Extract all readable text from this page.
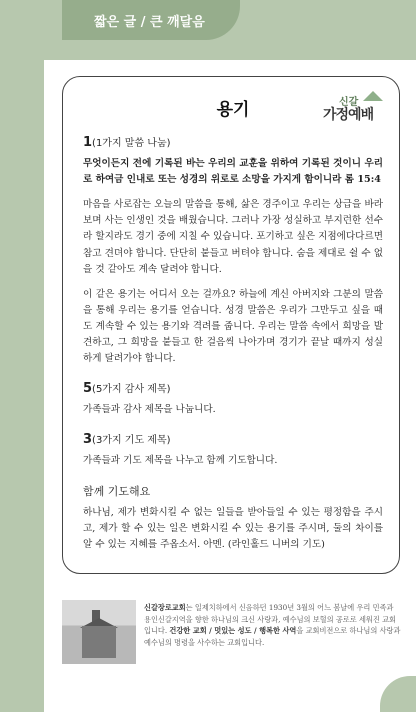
짧은 글 / 큰 깨달음
신갈
가정예배
용기
1(1가지 말씀 나눔)

무엇이든지 전에 기록된 바는 우리의 교훈을 위하여 기록된 것이니 우리로 하여금 인내로 또는 성경의 위로로 소망을 가지게 함이니라 롬 15:4

마음을 사로잡는 오늘의 말씀을 통해, 삶은 경주이고 우리는 상급을 바라보며 사는 인생인 것을 배웠습니다. 그러나 가장 성실하고 부지런한 선수라 할지라도 경기 중에 지칠 수 있습니다. 포기하고 싶은 지점에다다르면 참고 견뎌야 합니다. 단단히 붙들고 버텨야 합니다. 숨을 제대로 쉴 수 없을 것 같아도 계속 달려야 합니다.

이 같은 용기는 어디서 오는 걸까요? 하늘에 계신 아버지와 그분의 말씀을 통해 우리는 용기를 얻습니다. 성경 말씀은 우리가 그만두고 싶을 때도 계속할 수 있는 용기와 격려를 줍니다. 우리는 말씀 속에서 희망을 발견하고, 그 희망을 붙들고 한 걸음씩 나아가며 경기가 끝날 때까지 성실하게 달려가야 합니다.

5(5가지 감사 제목)

가족들과 감사 제목을 나눕니다.

3(3가지 기도 제목)

가족들과 기도 제목을 나누고 함께 기도합니다.

함께 기도해요

하나님, 제가 변화시킬 수 없는 일들을 받아들일 수 있는 평정함을 주시고, 제가 할 수 있는 일은 변화시킬 수 있는 용기를 주시며, 둘의 차이를 알 수 있는 지혜를 주옵소서. 아멘. (라인홀드 니버의 기도)

신갈장로교회는 일제치하에서 신음하던 1930년 3월의 어느 봄날에 우리 민족과 용인신갈지역을 향한 하나님의 크신 사랑과, 예수님의 보혈의 공로로 세워진 교회입니다. 건강한 교회 / 멋있는 성도 / 행복한 사역을 교회비전으로 하나님의 사랑과 예수님의 명령을 사수하는 교회입니다.
